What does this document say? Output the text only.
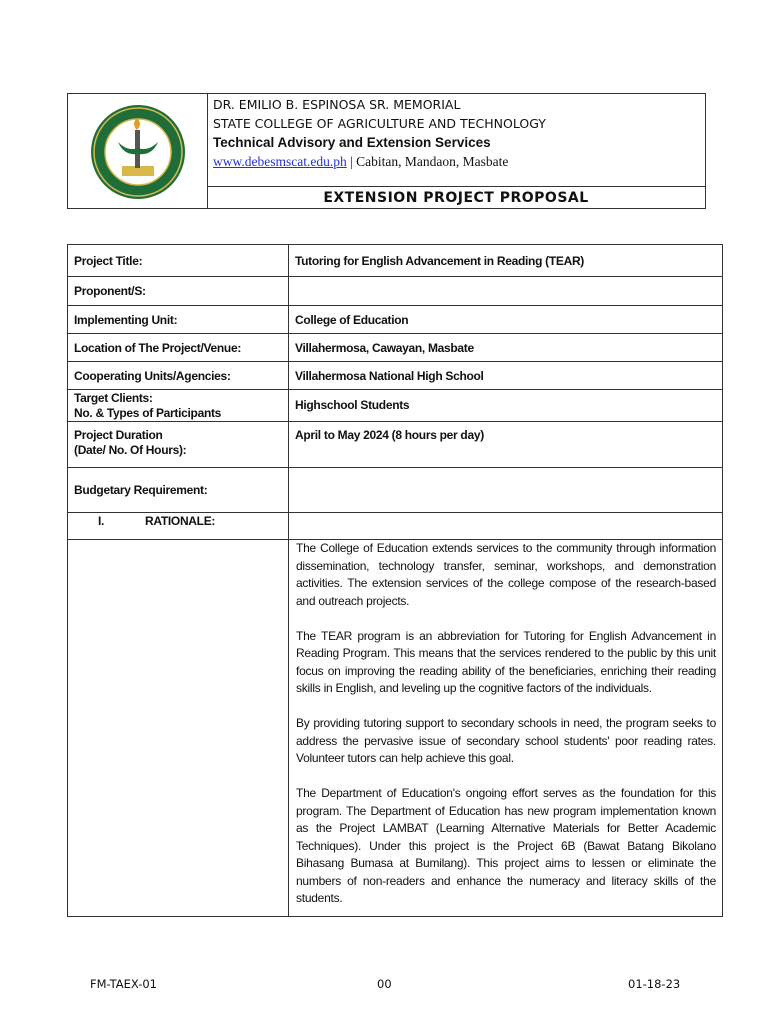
DR. EMILIO B. ESPINOSA SR. MEMORIAL
STATE COLLEGE OF AGRICULTURE AND TECHNOLOGY
Technical Advisory and Extension Services
www.debesmscat.edu.ph | Cabitan, Mandaon, Masbate
EXTENSION PROJECT PROPOSAL
Project Title:	Tutoring for English Advancement in Reading (TEAR)
Proponent/S:	
Implementing Unit:	College of Education
Location of The Project/Venue:	Villahermosa, Cawayan, Masbate
Cooperating Units/Agencies:	Villahermosa National High School

Target Clients:
No. & Types of Participants	Highschool Students

Project Duration
(Date/ No. Of Hours):	April to May 2024 (8 hours per day)
Budgetary Requirement:	
I. RATIONALE:	

	The College of Education extends services to the community through information dissemination, technology transfer, seminar, workshops, and demonstration activities. The extension services of the college compose of the research-based and outreach projects.

The TEAR program is an abbreviation for Tutoring for English Advancement in Reading Program. This means that the services rendered to the public by this unit focus on improving the reading ability of the beneficiaries, enriching their reading skills in English, and leveling up the cognitive factors of the individuals.

By providing tutoring support to secondary schools in need, the program seeks to address the pervasive issue of secondary school students' poor reading rates. Volunteer tutors can help achieve this goal.

The Department of Education's ongoing effort serves as the foundation for this program. The Department of Education has new program implementation known as the Project LAMBAT (Learning Alternative Materials for Better Academic Techniques). Under this project is the Project 6B (Bawat Batang Bikolano Bihasang Bumasa at Bumilang). This project aims to lessen or eliminate the numbers of non-readers and enhance the numeracy and literacy skills of the students.

FM-TAEX-01	00	01-18-23
